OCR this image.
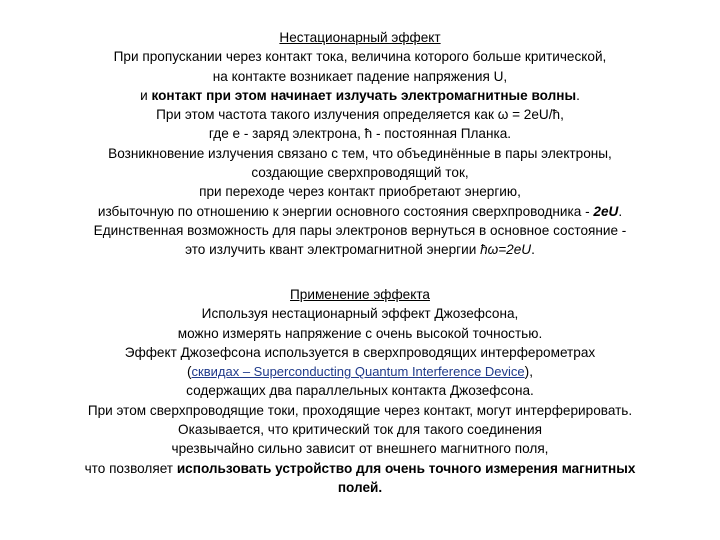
Нестационарный эффект
При пропускании через контакт тока, величина которого больше критической,
на контакте возникает падение напряжения U,
и контакт при этом начинает излучать электромагнитные волны.
При этом частота такого излучения определяется как ω = 2eU/ħ,
где e - заряд электрона, ħ - постоянная Планка.
Возникновение излучения связано с тем, что объединённые в пары электроны,
создающие сверхпроводящий ток,
при переходе через контакт приобретают энергию,
избыточную по отношению к энергии основного состояния сверхпроводника - 2eU.
Единственная возможность для пары электронов вернуться в основное состояние -
это излучить квант электромагнитной энергии ħω=2eU.
Применение эффекта
Используя нестационарный эффект Джозефсона,
можно измерять напряжение с очень высокой точностью.
Эффект Джозефсона используется в сверхпроводящих интерферометрах
(сквидах – Superconducting Quantum Interference Device),
содержащих два параллельных контакта Джозефсона.
При этом сверхпроводящие токи, проходящие через контакт, могут интерферировать.
Оказывается, что критический ток для такого соединения
чрезвычайно сильно зависит от внешнего магнитного поля,
что позволяет использовать устройство для очень точного измерения магнитных
полей.
